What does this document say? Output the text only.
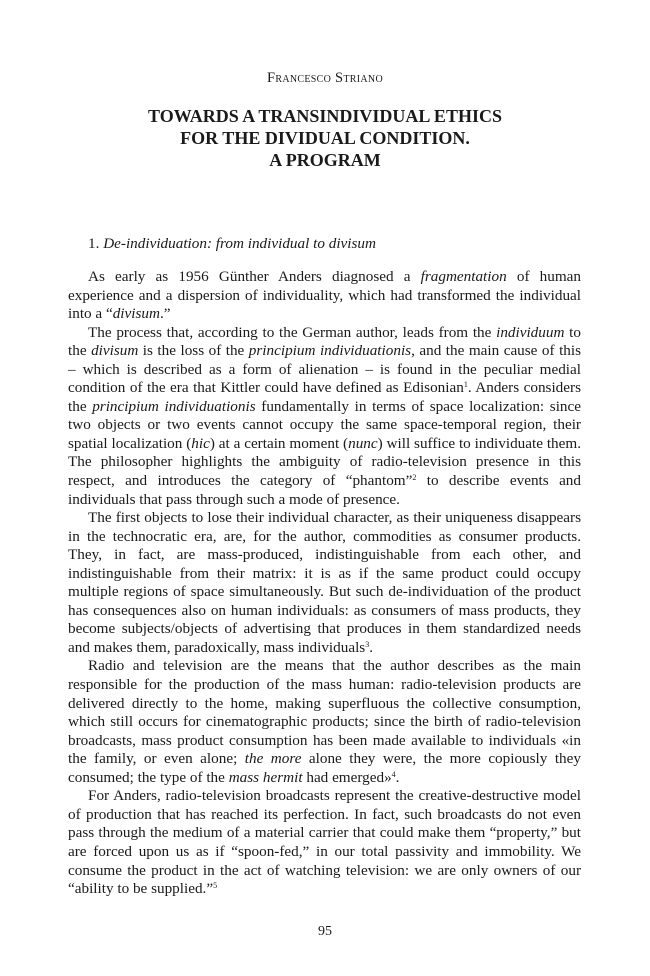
Francesco Striano
TOWARDS A TRANSINDIVIDUAL ETHICS
FOR THE DIVIDUAL CONDITION.
A PROGRAM
1. De-individuation: from individual to divisum

As early as 1956 Günther Anders diagnosed a fragmentation of human experience and a dispersion of individuality, which had transformed the individual into a “divisum.”

The process that, according to the German author, leads from the individuum to the divisum is the loss of the principium individuationis, and the main cause of this – which is described as a form of alienation – is found in the peculiar medial condition of the era that Kittler could have defined as Edisonian$^1$. Anders considers the principium individuationis fundamentally in terms of space localization: since two objects or two events cannot occupy the same space-temporal region, their spatial localization (hic) at a certain moment (nunc) will suffice to individuate them. The philosopher highlights the ambiguity of radio-television presence in this respect, and introduces the category of “phantom”$^2$ to describe events and individuals that pass through such a mode of presence.

The first objects to lose their individual character, as their uniqueness disappears in the technocratic era, are, for the author, commodities as consumer products. They, in fact, are mass-produced, indistinguishable from each other, and indistinguishable from their matrix: it is as if the same product could occupy multiple regions of space simultaneously. But such de-individuation of the product has consequences also on human individuals: as consumers of mass products, they become subjects/objects of advertising that produces in them standardized needs and makes them, paradoxically, mass individuals$^3$.

Radio and television are the means that the author describes as the main responsible for the production of the mass human: radio-television products are delivered directly to the home, making superfluous the collective consumption, which still occurs for cinematographic products; since the birth of radio-television broadcasts, mass product consumption has been made available to individuals «in the family, or even alone; the more alone they were, the more copiously they consumed; the type of the mass hermit had emerged»$^4$.

For Anders, radio-television broadcasts represent the creative-destructive model of production that has reached its perfection. In fact, such broadcasts do not even pass through the medium of a material carrier that could make them “property,” but are forced upon us as if “spoon-fed,” in our total passivity and immobility. We consume the product in the act of watching television: we are only owners of our “ability to be supplied.”$^5$

95
